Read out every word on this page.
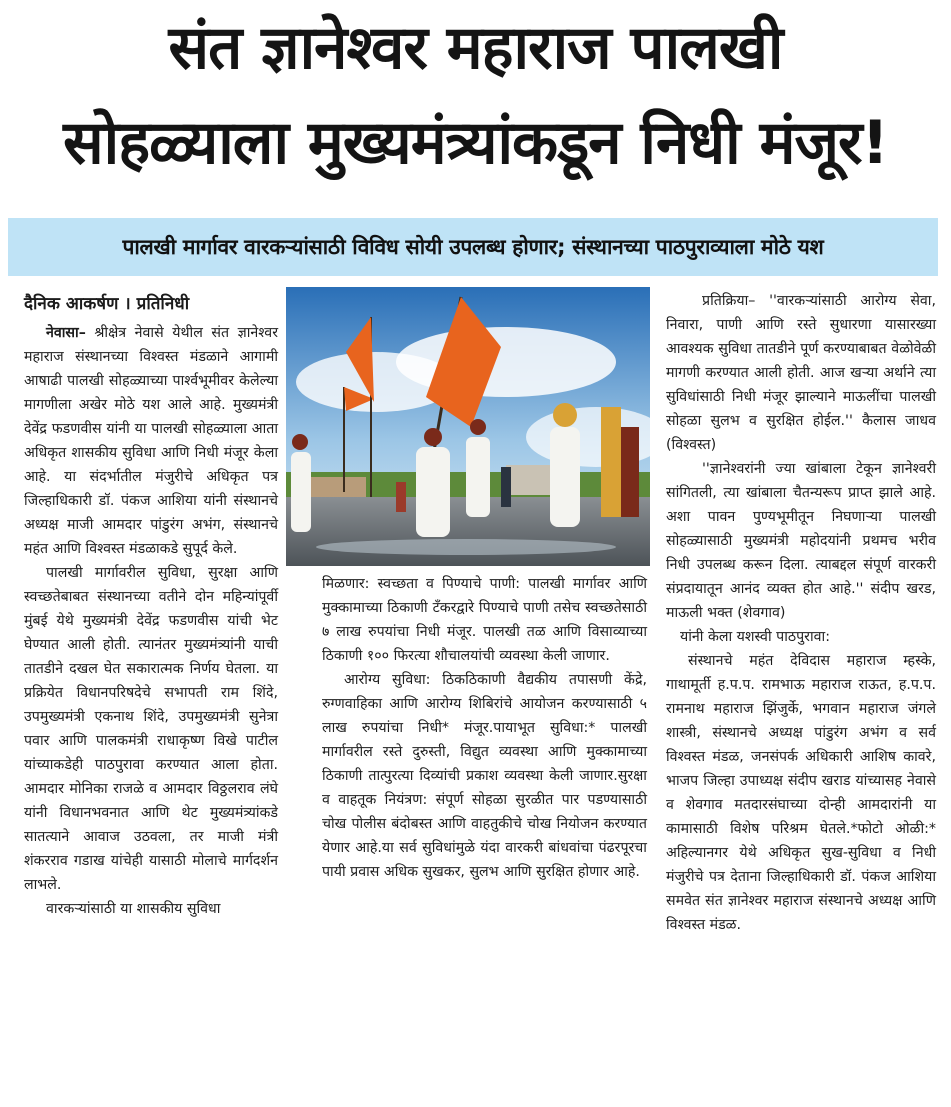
संत ज्ञानेश्वर महाराज पालखी
सोहळ्याला मुख्यमंत्र्यांकडून निधी मंजूर!
पालखी मार्गावर वारकऱ्यांसाठी विविध सोयी उपलब्ध होणार; संस्थानच्या पाठपुराव्याला मोठे यश

दैनिक आकर्षण । प्रतिनिधी

नेवासा– श्रीक्षेत्र नेवासे येथील संत ज्ञानेश्वर महाराज संस्थानच्या विश्वस्त मंडळाने आगामी आषाढी पालखी सोहळ्याच्या पार्श्वभूमीवर केलेल्या मागणीला अखेर मोठे यश आले आहे. मुख्यमंत्री देवेंद्र फडणवीस यांनी या पालखी सोहळ्याला आता अधिकृत शासकीय सुविधा आणि निधी मंजूर केला आहे. या संदर्भातील मंजुरीचे अधिकृत पत्र जिल्हाधिकारी डॉ. पंकज आशिया यांनी संस्थानचे अध्यक्ष माजी आमदार पांडुरंग अभंग, संस्थानचे महंत आणि विश्वस्त मंडळाकडे सुपूर्द केले.

पालखी मार्गावरील सुविधा, सुरक्षा आणि स्वच्छतेबाबत संस्थानच्या वतीने दोन महिन्यांपूर्वी मुंबई येथे मुख्यमंत्री देवेंद्र फडणवीस यांची भेट घेण्यात आली होती. त्यानंतर मुख्यमंत्र्यांनी याची तातडीने दखल घेत सकारात्मक निर्णय घेतला. या प्रक्रियेत विधानपरिषदेचे सभापती राम शिंदे, उपमुख्यमंत्री एकनाथ शिंदे, उपमुख्यमंत्री सुनेत्रा पवार आणि पालकमंत्री राधाकृष्ण विखे पाटील यांच्याकडेही पाठपुरावा करण्यात आला होता. आमदार मोनिका राजळे व आमदार विठ्ठलराव लंघे यांनी विधानभवनात आणि थेट मुख्यमंत्र्यांकडे सातत्याने आवाज उठवला, तर माजी मंत्री शंकरराव गडाख यांचेही यासाठी मोलाचे मार्गदर्शन लाभले.

वारकऱ्यांसाठी या शासकीय सुविधा

मिळणार: स्वच्छता व पिण्याचे पाणी: पालखी मार्गावर आणि मुक्कामाच्या ठिकाणी टँकरद्वारे पिण्याचे पाणी तसेच स्वच्छतेसाठी ७ लाख रुपयांचा निधी मंजूर. पालखी तळ आणि विसाव्याच्या ठिकाणी १०० फिरत्या शौचालयांची व्यवस्था केली जाणार.

आरोग्य सुविधा: ठिकठिकाणी वैद्यकीय तपासणी केंद्रे, रुग्णवाहिका आणि आरोग्य शिबिरांचे आयोजन करण्यासाठी ५ लाख रुपयांचा निधी* मंजूर.पायाभूत सुविधा:* पालखी मार्गावरील रस्ते दुरुस्ती, विद्युत व्यवस्था आणि मुक्कामाच्या ठिकाणी तात्पुरत्या दिव्यांची प्रकाश व्यवस्था केली जाणार.सुरक्षा व वाहतूक नियंत्रण: संपूर्ण सोहळा सुरळीत पार पडण्यासाठी चोख पोलीस बंदोबस्त आणि वाहतुकीचे चोख नियोजन करण्यात येणार आहे.या सर्व सुविधांमुळे यंदा वारकरी बांधवांचा पंढरपूरचा पायी प्रवास अधिक सुखकर, सुलभ आणि सुरक्षित होणार आहे.

प्रतिक्रिया– ''वारकऱ्यांसाठी आरोग्य सेवा, निवारा, पाणी आणि रस्ते सुधारणा यासारख्या आवश्यक सुविधा तातडीने पूर्ण करण्याबाबत वेळोवेळी मागणी करण्यात आली होती. आज खऱ्या अर्थाने त्या सुविधांसाठी निधी मंजूर झाल्याने माऊलींचा पालखी सोहळा सुलभ व सुरक्षित होईल.'' कैलास जाधव (विश्वस्त)

''ज्ञानेश्वरांनी ज्या खांबाला टेकून ज्ञानेश्वरी सांगितली, त्या खांबाला चैतन्यरूप प्राप्त झाले आहे. अशा पावन पुण्यभूमीतून निघणाऱ्या पालखी सोहळ्यासाठी मुख्यमंत्री महोदयांनी प्रथमच भरीव निधी उपलब्ध करून दिला. त्याबद्दल संपूर्ण वारकरी संप्रदायातून आनंद व्यक्त होत आहे.'' संदीप खरड, माऊली भक्त (शेवगाव)

यांनी केला यशस्वी पाठपुरावा:

संस्थानचे महंत देविदास महाराज म्हस्के, गाथामूर्ती ह.प.प. रामभाऊ महाराज राऊत, ह.प.प. रामनाथ महाराज झिंजुर्के, भगवान महाराज जंगले शास्त्री, संस्थानचे अध्यक्ष पांडुरंग अभंग व सर्व विश्वस्त मंडळ, जनसंपर्क अधिकारी आशिष कावरे, भाजप जिल्हा उपाध्यक्ष संदीप खराड यांच्यासह नेवासे व शेवगाव मतदारसंघाच्या दोन्ही आमदारांनी या कामासाठी विशेष परिश्रम घेतले.*फोटो ओळी:* अहिल्यानगर येथे अधिकृत सुख-सुविधा व निधी मंजुरीचे पत्र देताना जिल्हाधिकारी डॉ. पंकज आशिया समवेत संत ज्ञानेश्वर महाराज संस्थानचे अध्यक्ष आणि विश्वस्त मंडळ.
